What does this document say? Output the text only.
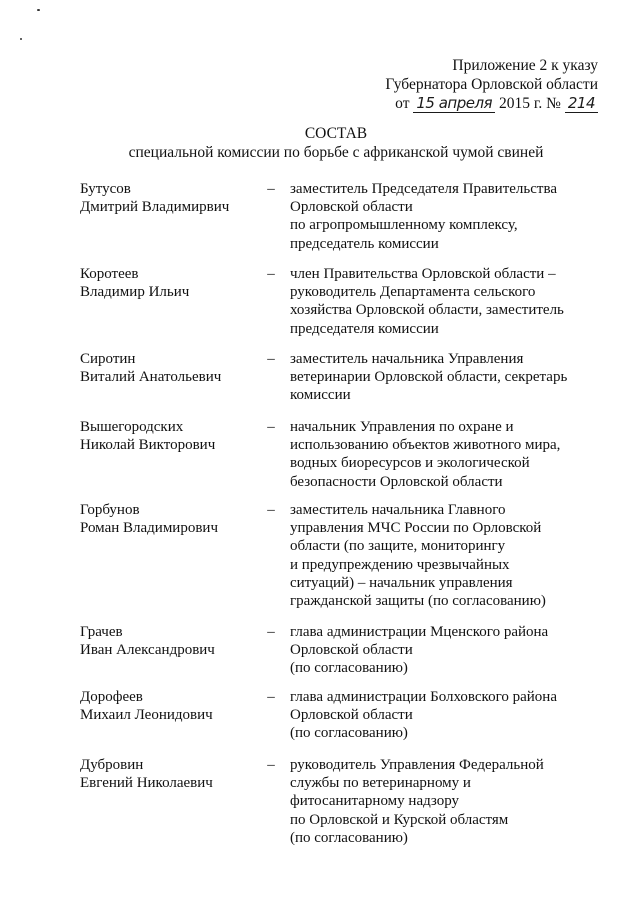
Приложение 2 к указу
Губернатора Орловской области
от 15 апреля 2015 г. № 214
СОСТАВ
специальной комиссии по борьбе с африканской чумой свиней
Бутусов
Дмитрий Владимирвич
– заместитель Председателя Правительства
Орловской области
по агропромышленному комплексу,
председатель комиссии
Коротеев
Владимир Ильич
– член Правительства Орловской области –
руководитель Департамента сельского
хозяйства Орловской области, заместитель
председателя комиссии
Сиротин
Виталий Анатольевич
– заместитель начальника Управления
ветеринарии Орловской области, секретарь
комиссии
Вышегородских
Николай Викторович
– начальник Управления по охране и
использованию объектов животного мира,
водных биоресурсов и экологической
безопасности Орловской области
Горбунов
Роман Владимирович
– заместитель начальника Главного
управления МЧС России по Орловской
области (по защите, мониторингу
и предупреждению чрезвычайных
ситуаций) – начальник управления
гражданской защиты (по согласованию)
Грачев
Иван Александрович
– глава администрации Мценского района
Орловской области
(по согласованию)
Дорофеев
Михаил Леонидович
– глава администрации Болховского района
Орловской области
(по согласованию)
Дубровин
Евгений Николаевич
– руководитель Управления Федеральной
службы по ветеринарному и
фитосанитарному надзору
по Орловской и Курской областям
(по согласованию)
